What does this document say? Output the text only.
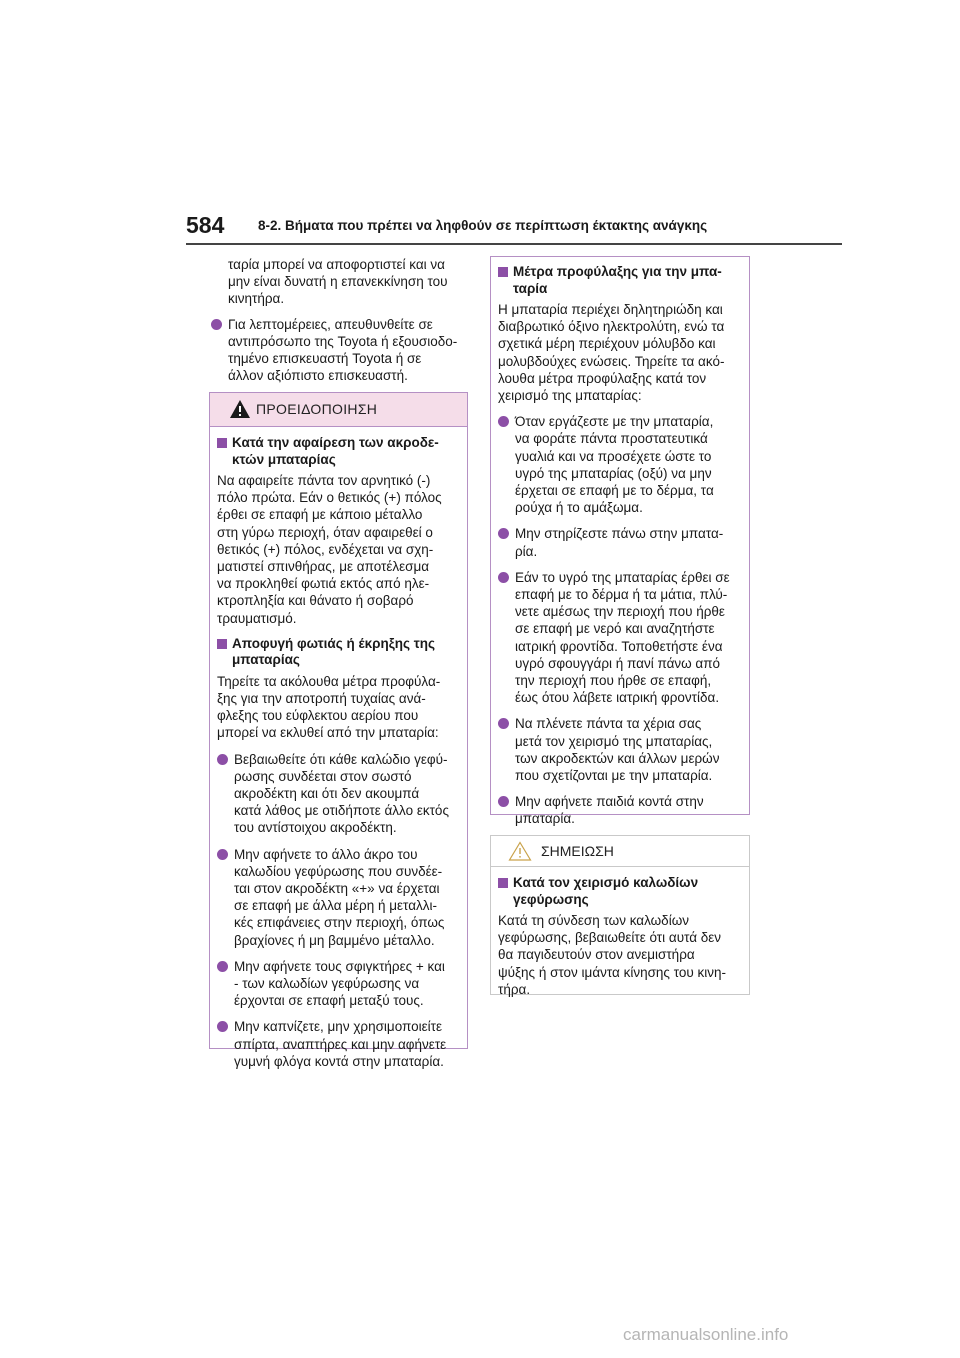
584 8-2. Βήματα που πρέπει να ληφθούν σε περίπτωση έκτακτης ανάγκης

ταρία μπορεί να αποφορτιστεί και να
μην είναι δυνατή η επανεκκίνηση του
κινητήρα.

Για λεπτομέρειες, απευθυνθείτε σε
αντιπρόσωπο της Toyota ή εξουσιοδο-
τημένο επισκευαστή Toyota ή σε
άλλον αξιόπιστο επισκευαστή.
ΠΡΟΕΙΔΟΠΟΙΗΣΗ

Κατά την αφαίρεση των ακροδε-
κτών μπαταρίας

Να αφαιρείτε πάντα τον αρνητικό (-)
πόλο πρώτα. Εάν ο θετικός (+) πόλος
έρθει σε επαφή με κάποιο μέταλλο
στη γύρω περιοχή, όταν αφαιρεθεί ο
θετικός (+) πόλος, ενδέχεται να σχη-
ματιστεί σπινθήρας, με αποτέλεσμα
να προκληθεί φωτιά εκτός από ηλε-
κτροπληξία και θάνατο ή σοβαρό
τραυματισμό.

Αποφυγή φωτιάς ή έκρηξης της
μπαταρίας

Τηρείτε τα ακόλουθα μέτρα προφύλα-
ξης για την αποτροπή τυχαίας ανά-
φλεξης του εύφλεκτου αερίου που
μπορεί να εκλυθεί από την μπαταρία:

Βεβαιωθείτε ότι κάθε καλώδιο γεφύ-
ρωσης συνδέεται στον σωστό
ακροδέκτη και ότι δεν ακουμπά
κατά λάθος με οτιδήποτε άλλο εκτός
του αντίστοιχου ακροδέκτη.
Μην αφήνετε το άλλο άκρο του
καλωδίου γεφύρωσης που συνδέε-
ται στον ακροδέκτη «+» να έρχεται
σε επαφή με άλλα μέρη ή μεταλλι-
κές επιφάνειες στην περιοχή, όπως
βραχίονες ή μη βαμμένο μέταλλο.
Μην αφήνετε τους σφιγκτήρες + και
- των καλωδίων γεφύρωσης να
έρχονται σε επαφή μεταξύ τους.
Μην καπνίζετε, μην χρησιμοποιείτε
σπίρτα, αναπτήρες και μην αφήνετε
γυμνή φλόγα κοντά στην μπαταρία.

Μέτρα προφύλαξης για την μπα-
ταρία

Η μπαταρία περιέχει δηλητηριώδη και
διαβρωτικό όξινο ηλεκτρολύτη, ενώ τα
σχετικά μέρη περιέχουν μόλυβδο και
μολυβδούχες ενώσεις. Τηρείτε τα ακό-
λουθα μέτρα προφύλαξης κατά τον
χειρισμό της μπαταρίας:

Όταν εργάζεστε με την μπαταρία,
να φοράτε πάντα προστατευτικά
γυαλιά και να προσέχετε ώστε το
υγρό της μπαταρίας (οξύ) να μην
έρχεται σε επαφή με το δέρμα, τα
ρούχα ή το αμάξωμα.
Μην στηρίζεστε πάνω στην μπατα-
ρία.
Εάν το υγρό της μπαταρίας έρθει σε
επαφή με το δέρμα ή τα μάτια, πλύ-
νετε αμέσως την περιοχή που ήρθε
σε επαφή με νερό και αναζητήστε
ιατρική φροντίδα. Τοποθετήστε ένα
υγρό σφουγγάρι ή πανί πάνω από
την περιοχή που ήρθε σε επαφή,
έως ότου λάβετε ιατρική φροντίδα.
Να πλένετε πάντα τα χέρια σας
μετά τον χειρισμό της μπαταρίας,
των ακροδεκτών και άλλων μερών
που σχετίζονται με την μπαταρία.
Μην αφήνετε παιδιά κοντά στην
μπαταρία.
ΣΗΜΕΙΩΣΗ

Κατά τον χειρισμό καλωδίων
γεφύρωσης

Κατά τη σύνδεση των καλωδίων
γεφύρωσης, βεβαιωθείτε ότι αυτά δεν
θα παγιδευτούν στον ανεμιστήρα
ψύξης ή στον ιμάντα κίνησης του κινη-
τήρα.

carmanualsonline.info
